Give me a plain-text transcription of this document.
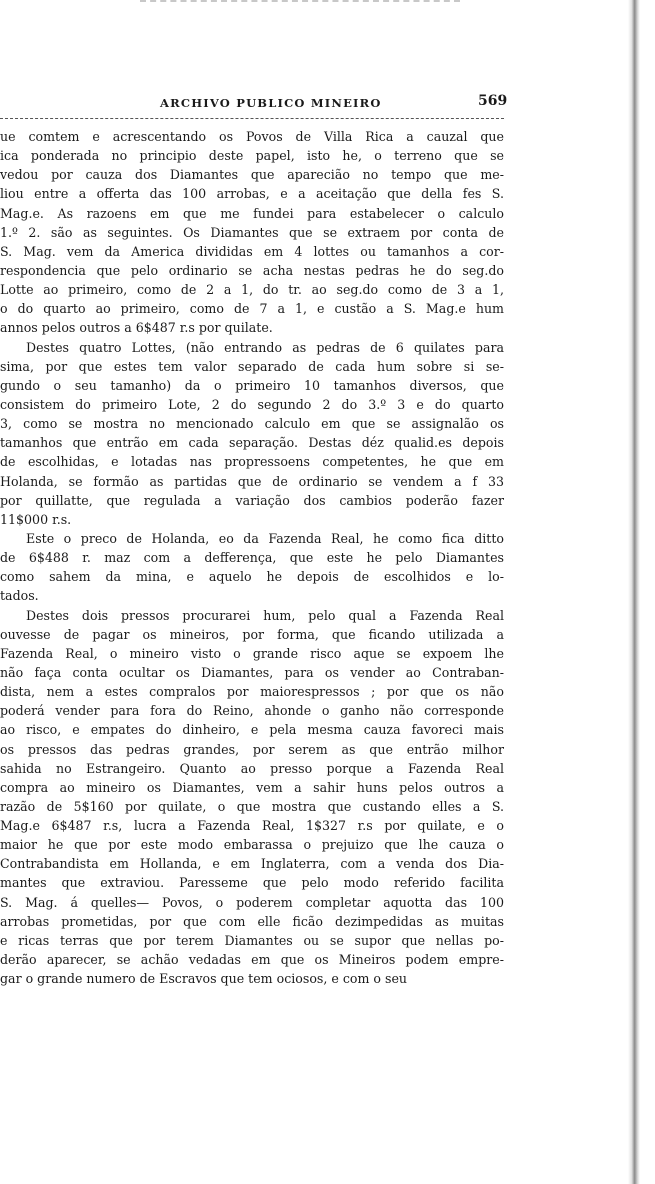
ARCHIVO PUBLICO MINEIRO	569
ue comtem e acrescentando os Povos de Villa Rica a cauzal que
ica ponderada no principio deste papel, isto he, o terreno que se
vedou por cauza dos Diamantes que aparecião no tempo que me-
liou entre a offerta das 100 arrobas, e a aceitação que della fes S.
Mag.e. As razoens em que me fundei para estabelecer o calculo
1.º 2. são as seguintes. Os Diamantes que se extraem por conta de
S. Mag. vem da America divididas em 4 lottes ou tamanhos a cor-
respondencia que pelo ordinario se acha nestas pedras he do seg.do
Lotte ao primeiro, como de 2 a 1, do tr. ao seg.do como de 3 a 1,
o do quarto ao primeiro, como de 7 a 1, e custão a S. Mag.e hum
annos pelos outros a 6$487 r.s por quilate.
Destes quatro Lottes, (não entrando as pedras de 6 quilates para
sima, por que estes tem valor separado de cada hum sobre si se-
gundo o seu tamanho) da o primeiro 10 tamanhos diversos, que
consistem do primeiro Lote, 2 do segundo 2 do 3.º 3 e do quarto
3, como se mostra no mencionado calculo em que se assignalão os
tamanhos que entrão em cada separação. Destas déz qualid.es depois
de escolhidas, e lotadas nas propressoens competentes, he que em
Holanda, se formão as partidas que de ordinario se vendem a f 33
por quillatte, que regulada a variação dos cambios poderão fazer
11$000 r.s.
Este o preco de Holanda, eo da Fazenda Real, he como fica ditto
de 6$488 r. maz com a defferença, que este he pelo Diamantes
como sahem da mina, e aquelo he depois de escolhidos e lo-
tados.
Destes dois pressos procurarei hum, pelo qual a Fazenda Real
ouvesse de pagar os mineiros, por forma, que ficando utilizada a
Fazenda Real, o mineiro visto o grande risco aque se expoem lhe
não faça conta ocultar os Diamantes, para os vender ao Contraban-
dista, nem a estes compralos por maiorespressos ; por que os não
poderá vender para fora do Reino, ahonde o ganho não corresponde
ao risco, e empates do dinheiro, e pela mesma cauza favoreci mais
os pressos das pedras grandes, por serem as que entrão milhor
sahida no Estrangeiro. Quanto ao presso porque a Fazenda Real
compra ao mineiro os Diamantes, vem a sahir huns pelos outros a
razão de 5$160 por quilate, o que mostra que custando elles a S.
Mag.e 6$487 r.s, lucra a Fazenda Real, 1$327 r.s por quilate, e o
maior he que por este modo embarassa o prejuizo que lhe cauza o
Contrabandista em Hollanda, e em Inglaterra, com a venda dos Dia-
mantes que extraviou. Paresseme que pelo modo referido facilita
S. Mag. á quelles— Povos, o poderem completar aquotta das 100
arrobas prometidas, por que com elle ficão dezimpedidas as muitas
e ricas terras que por terem Diamantes ou se supor que nellas po-
derão aparecer, se achão vedadas em que os Mineiros podem empre-
gar o grande numero de Escravos que tem ociosos, e com o seu
